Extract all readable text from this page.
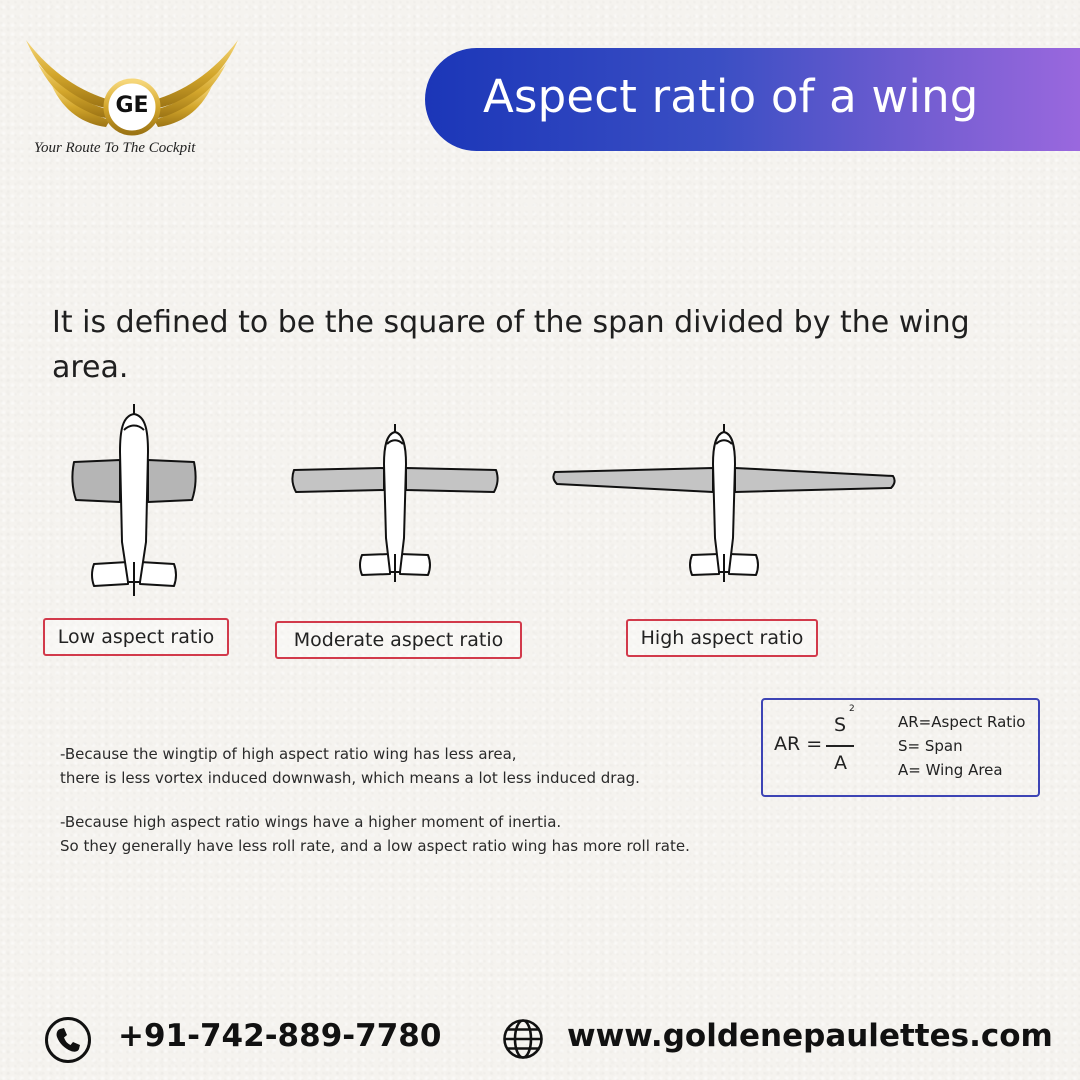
GE
Your Route To The Cockpit
Aspect ratio of a wing
It is defined to be the square of the span divided by the wing area.
Low aspect ratio	Moderate aspect ratio	High aspect ratio
-Because the wingtip of high aspect ratio wing has less area,
there is less vortex induced downwash, which means a lot less induced drag.
-Because high aspect ratio wings have a higher moment of inertia.
So they generally have less roll rate, and a low aspect ratio wing has more roll rate.
AR =
S
2
A
AR=Aspect Ratio
S= Span
A= Wing Area
+91-742-889-7780	www.goldenepaulettes.com
